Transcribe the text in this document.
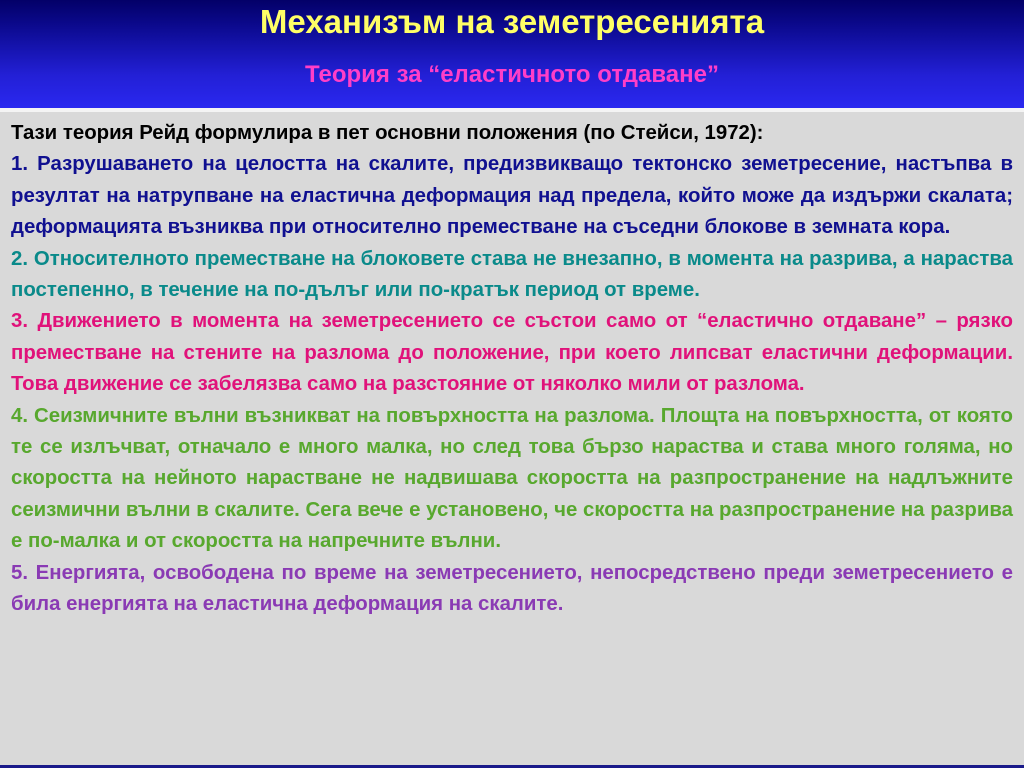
Механизъм на земетресенията
Теория за “еластичното отдаване”

Тази теория Рейд формулира в пет основни положения (по Стейси, 1972):

1. Разрушаването на целостта на скалите, предизвикващо тектонско земетресение, настъпва в резултат на натрупване на еластична деформация над предела, който може да издържи скалата; деформацията възниква при относително преместване на съседни блокове в земната кора.

2. Относителното преместване на блоковете става не внезапно, в момента на разрива, а нараства постепенно, в течение на по-дълъг или по-кратък период от време.

3. Движението в момента на земетресението се състои само от “еластично отдаване” – рязко преместване на стените на разлома до положение, при което липсват еластични деформации. Това движение се забелязва само на разстояние от няколко мили от разлома.

4. Сеизмичните вълни възникват на повърхността на разлома. Площта на повърхността, от която те се излъчват, отначало е много малка, но след това бързо нараства и става много голяма, но скоростта на нейното нарастване не надвишава скоростта на разпространение на надлъжните сеизмични вълни в скалите. Сега вече е установено, че скоростта на разпространение на разрива е по-малка и от скоростта на напречните вълни.

5. Енергията, освободена по време на земетресението, непосредствено преди земетресението е била енергията на еластична деформация на скалите.
